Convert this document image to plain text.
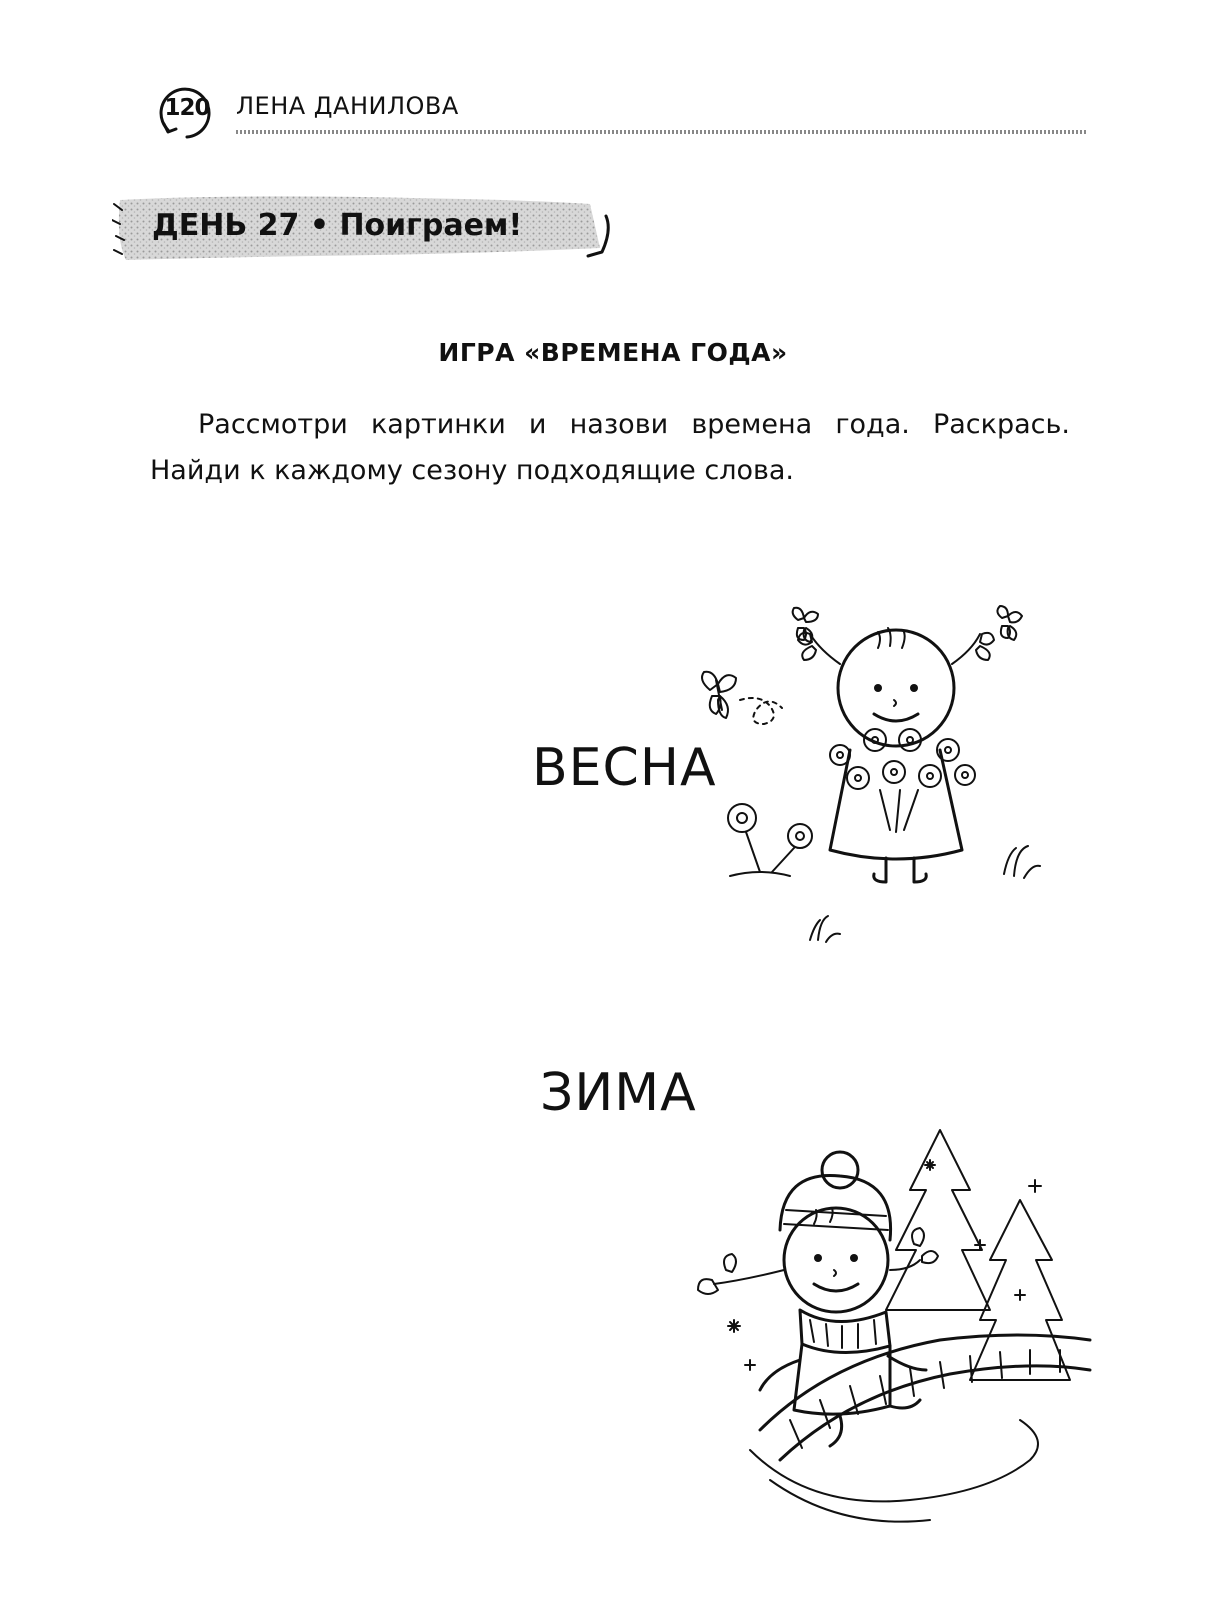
120	ЛЕНА ДАНИЛОВА
ДЕНЬ 27 • Поиграем!
ИГРА «ВРЕМЕНА ГОДА»

Рассмотри картинки и назови времена года. Раскрась. Найди к каждому сезону подходящие слова.

ВЕСНА
ЗИМА
